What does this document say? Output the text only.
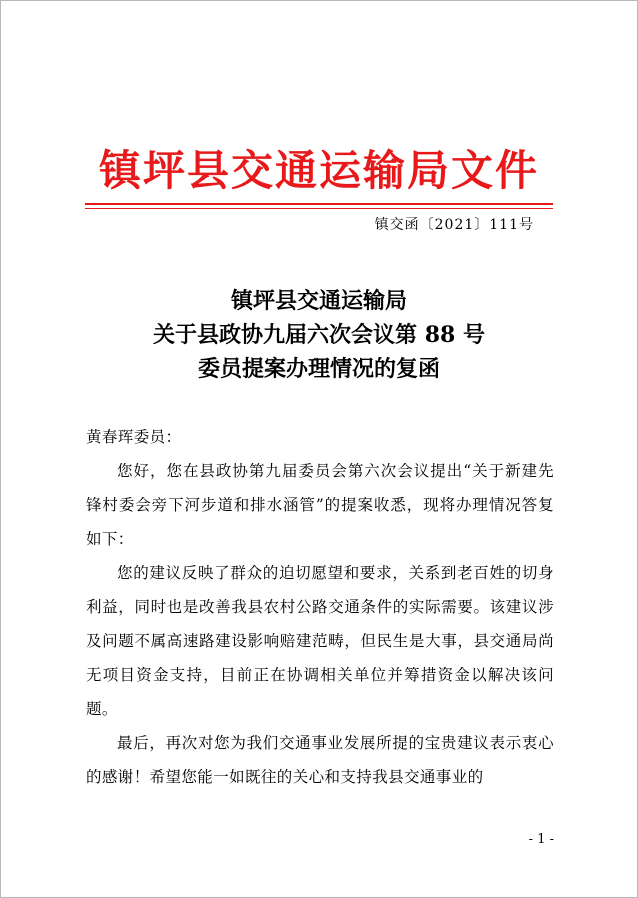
镇坪县交通运输局文件
镇交函〔2021〕111号
镇坪县交通运输局
关于县政协九届六次会议第 88 号
委员提案办理情况的复函

黄春珲委员：

您好，您在县政协第九届委员会第六次会议提出“关于新建先锋村委会旁下河步道和排水涵管”的提案收悉，现将办理情况答复如下：

您的建议反映了群众的迫切愿望和要求，关系到老百姓的切身利益，同时也是改善我县农村公路交通条件的实际需要。该建议涉及问题不属高速路建设影响赔建范畴，但民生是大事，县交通局尚无项目资金支持，目前正在协调相关单位并筹措资金以解决该问题。

最后，再次对您为我们交通事业发展所提的宝贵建议表示衷心的感谢！希望您能一如既往的关心和支持我县交通事业的

- 1 -
